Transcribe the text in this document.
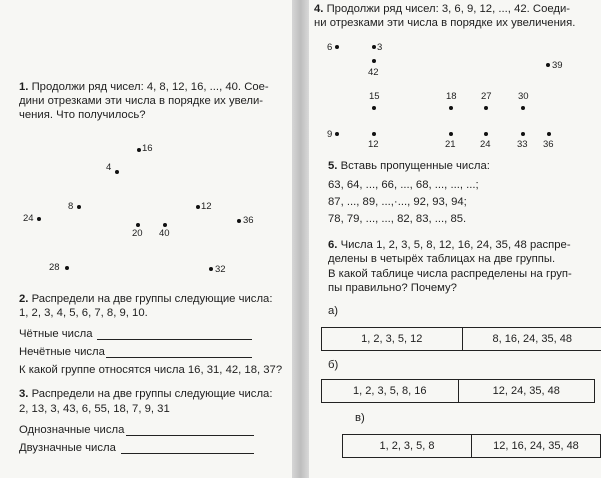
1. Продолжи ряд чисел: 4, 8, 12, 16, ..., 40. Сое-
дини отрезками эти числа в порядке их увели-
чения. Что получилось?
16
4
8	12
24	36
20 40
28	32
2. Распредели на две группы следующие числа:
1, 2, 3, 4, 5, 6, 7, 8, 9, 10.
Чётные числа
Нечётные числа
К какой группе относятся числа 16, 31, 42, 18, 37?
3. Распредели на две группы следующие числа:
2, 13, 3, 43, 6, 55, 18, 7, 9, 31
Однозначные числа
Двузначные числа
4. Продолжи ряд чисел: 3, 6, 9, 12, ..., 42. Соеди-
ни отрезками эти числа в порядке их увеличения.
6	3
42
39
15	18	27	30
9
12	21	24	33 36
5. Вставь пропущенные числа:
63, 64, ..., 66, ..., 68, ..., ..., ...;
87, ..., 89, ...,·..., 92, 93, 94;
78, 79, ..., ..., 82, 83, ..., 85.
6. Числа 1, 2, 3, 5, 8, 12, 16, 24, 35, 48 распре-
делены в четырёх таблицах на две группы.
В какой таблице числа распределены на груп-
пы правильно? Почему?
а)
1, 2, 3, 5, 12	8, 16, 24, 35, 48
б)
1, 2, 3, 5, 8, 16	12, 24, 35, 48
в)
1, 2, 3, 5, 8	12, 16, 24, 35, 48
